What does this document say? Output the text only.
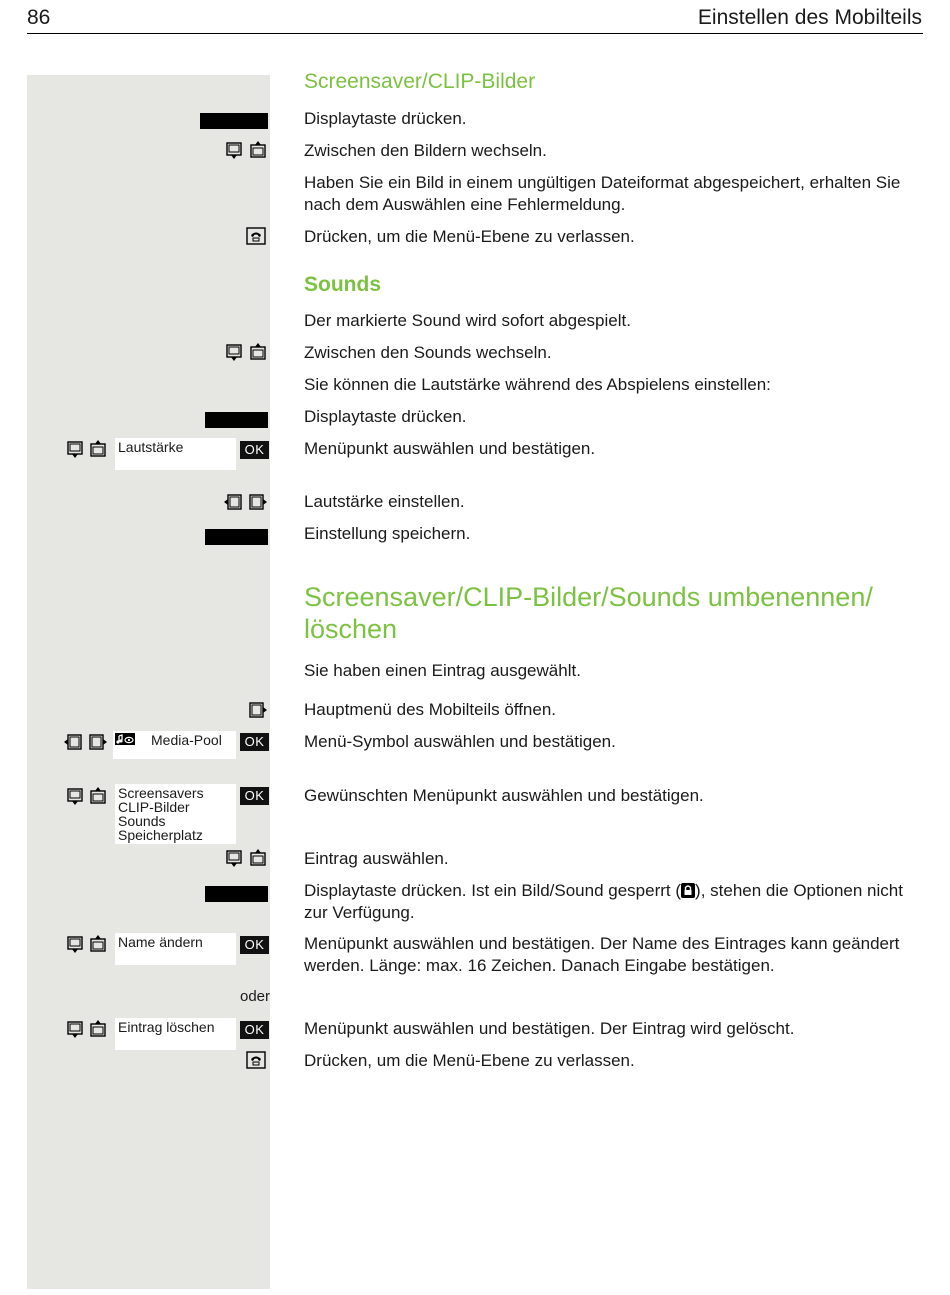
86	Einstellen des Mobilteils
Screensaver/CLIP-Bilder
Displaytaste drücken.
Zwischen den Bildern wechseln.
Haben Sie ein Bild in einem ungültigen Dateiformat abgespeichert, erhalten Sie nach dem Auswählen eine Fehlermeldung.
Drücken, um die Menü-Ebene zu verlassen.
Sounds
Der markierte Sound wird sofort abgespielt.
Zwischen den Sounds wechseln.
Sie können die Lautstärke während des Abspielens einstellen:
Displaytaste drücken.
Lautstärke	OK Menüpunkt auswählen und bestätigen.
Lautstärke einstellen.
Einstellung speichern.
Screensaver/CLIP-Bilder/Sounds umbenennen/ löschen
Sie haben einen Eintrag ausgewählt.
Hauptmenü des Mobilteils öffnen.
Media-Pool	OK Menü-Symbol auswählen und bestätigen.
Screensavers
CLIP-Bilder
Sounds
Speicherplatz
OK Gewünschten Menüpunkt auswählen und bestätigen.
Eintrag auswählen.
Displaytaste drücken. Ist ein Bild/Sound gesperrt ( ), stehen die Optionen nicht zur Verfügung.
Name ändern	OK Menüpunkt auswählen und bestätigen. Der Name des Eintrages kann geändert werden. Länge: max. 16 Zeichen. Danach Eingabe bestätigen.
oder
Eintrag löschen	OK Menüpunkt auswählen und bestätigen. Der Eintrag wird gelöscht.
Drücken, um die Menü-Ebene zu verlassen.
